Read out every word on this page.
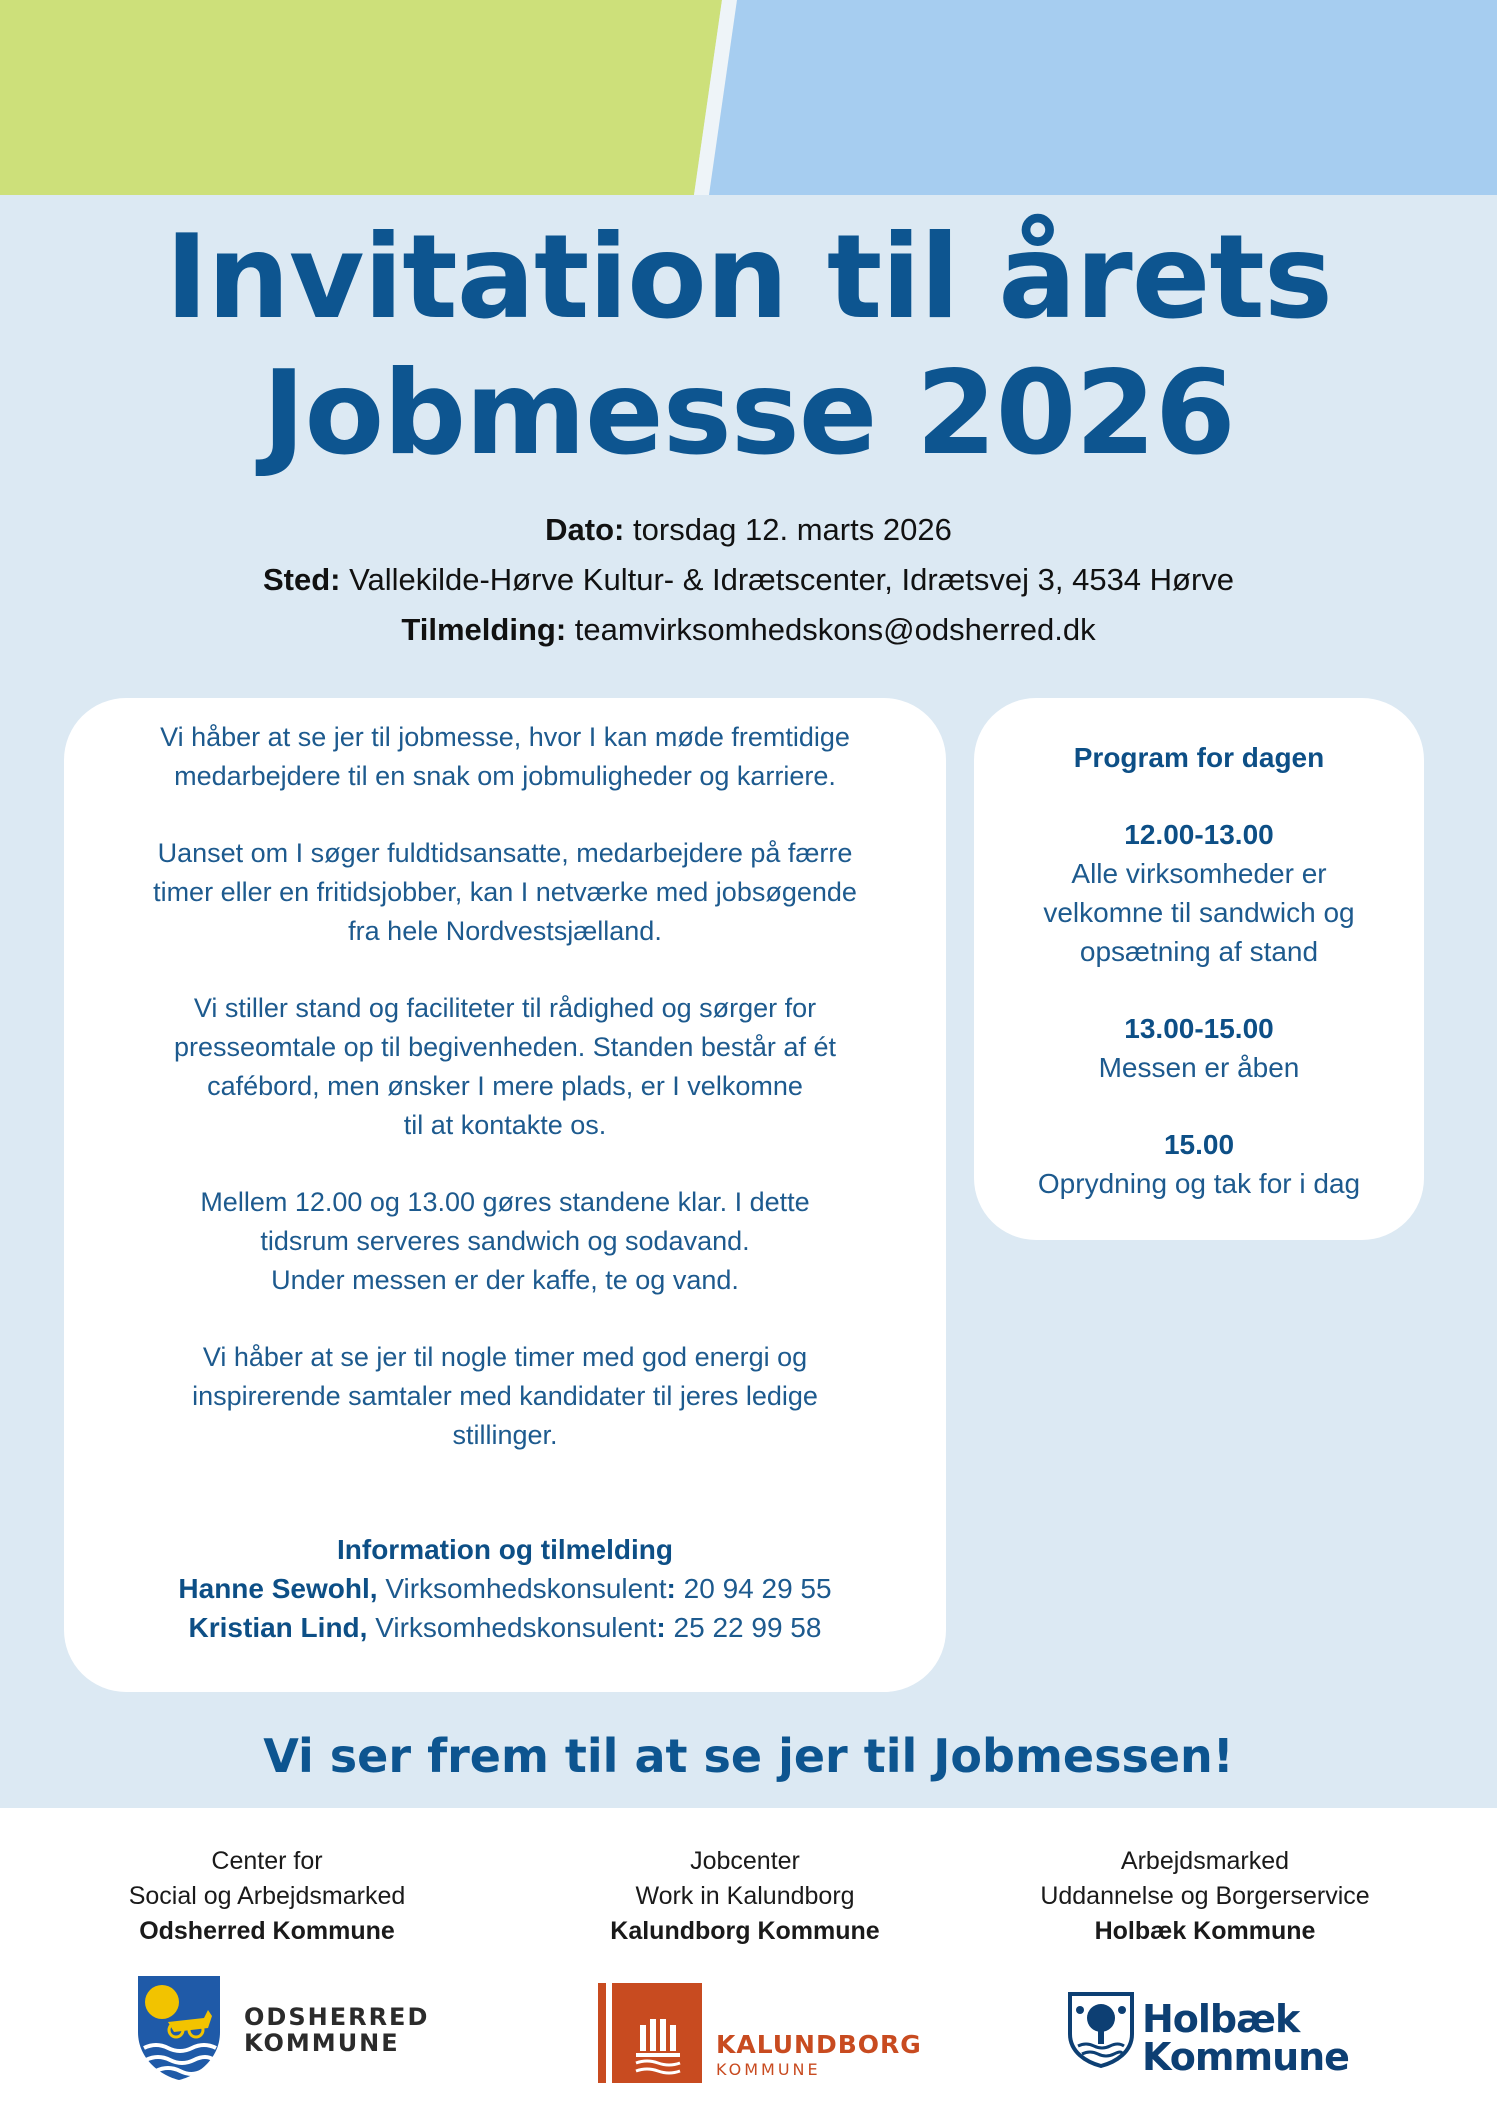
Invitation til årets
Jobmesse 2026
Dato: torsdag 12. marts 2026
Sted: Vallekilde-Hørve Kultur- & Idrætscenter, Idrætsvej 3, 4534 Hørve
Tilmelding: teamvirksomhedskons@odsherred.dk

Vi håber at se jer til jobmesse, hvor I kan møde fremtidige
medarbejdere til en snak om jobmuligheder og karriere.

Uanset om I søger fuldtidsansatte, medarbejdere på færre
timer eller en fritidsjobber, kan I netværke med jobsøgende
fra hele Nordvestsjælland.

Vi stiller stand og faciliteter til rådighed og sørger for
presseomtale op til begivenheden. Standen består af ét
cafébord, men ønsker I mere plads, er I velkomne
til at kontakte os.

Mellem 12.00 og 13.00 gøres standene klar. I dette
tidsrum serveres sandwich og sodavand.
Under messen er der kaffe, te og vand.

Vi håber at se jer til nogle timer med god energi og
inspirerende samtaler med kandidater til jeres ledige
stillinger.

Information og tilmelding
Hanne Sewohl, Virksomhedskonsulent: 20 94 29 55
Kristian Lind, Virksomhedskonsulent: 25 22 99 58
Program for dagen
12.00-13.00
Alle virksomheder er
velkomne til sandwich og
opsætning af stand
13.00-15.00
Messen er åben
15.00
Oprydning og tak for i dag
Vi ser frem til at se jer til Jobmessen!
Center for
Social og Arbejdsmarked
Odsherred Kommune
Jobcenter
Work in Kalundborg
Kalundborg Kommune
Arbejdsmarked
Uddannelse og Borgerservice
Holbæk Kommune
ODSHERRED
KOMMUNE	KALUNDBORG
KOMMUNE
Holbæk
Kommune
